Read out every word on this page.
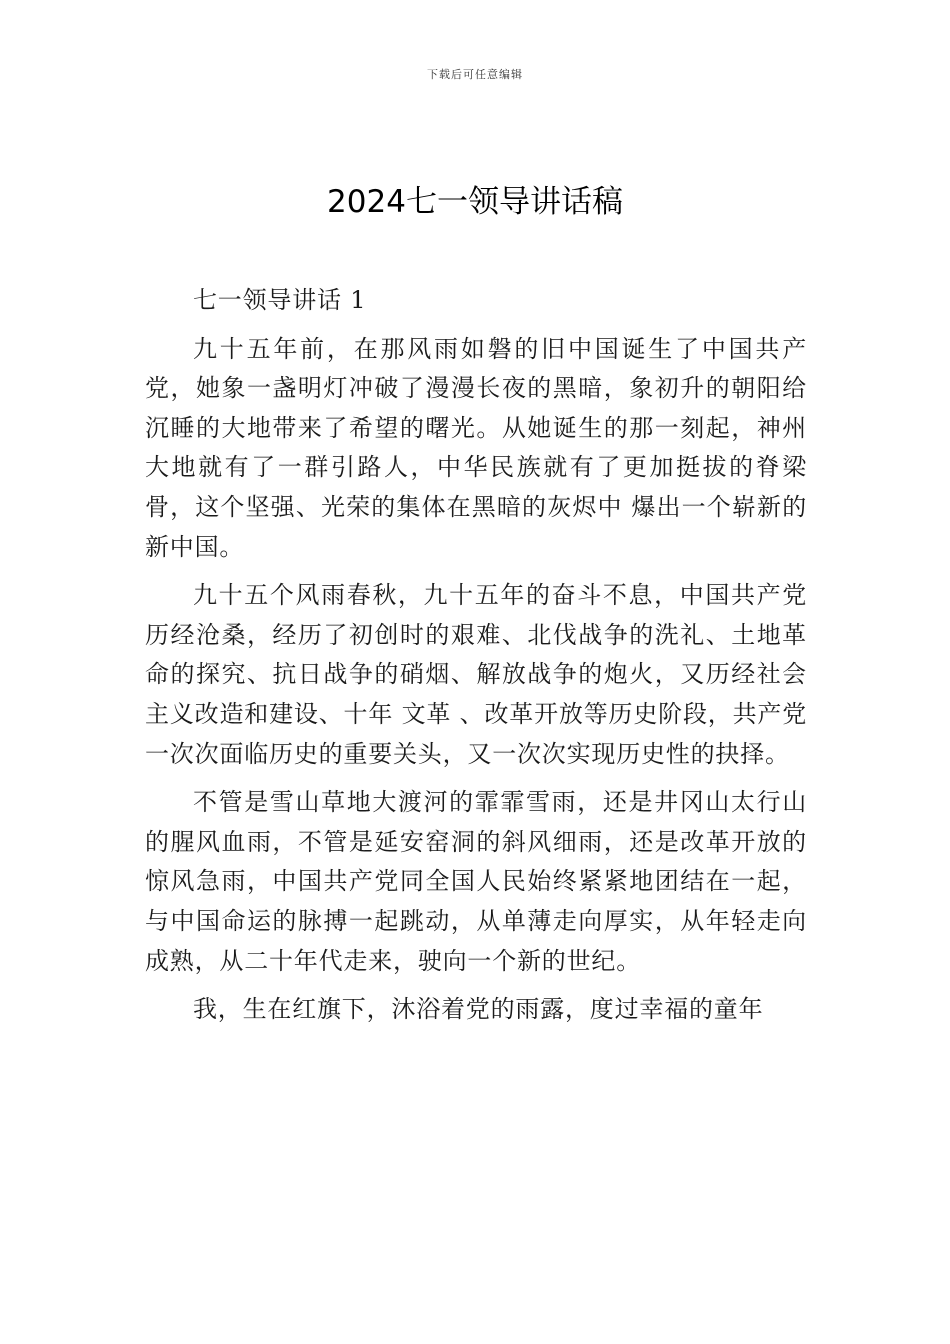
下载后可任意编辑
2024七一领导讲话稿

七一领导讲话 1

九十五年前，在那风雨如磐的旧中国诞生了中国共产党，她象一盏明灯冲破了漫漫长夜的黑暗，象初升的朝阳给沉睡的大地带来了希望的曙光。从她诞生的那一刻起，神州大地就有了一群引路人，中华民族就有了更加挺拔的脊梁骨，这个坚强、光荣的集体在黑暗的灰烬中 爆出一个崭新的新中国。

九十五个风雨春秋，九十五年的奋斗不息，中国共产党历经沧桑，经历了初创时的艰难、北伐战争的洗礼、土地革命的探究、抗日战争的硝烟、解放战争的炮火，又历经社会主义改造和建设、十年 文革 、改革开放等历史阶段，共产党一次次面临历史的重要关头，又一次次实现历史性的抉择。

不管是雪山草地大渡河的霏霏雪雨，还是井冈山太行山的腥风血雨，不管是延安窑洞的斜风细雨，还是改革开放的惊风急雨，中国共产党同全国人民始终紧紧地团结在一起，与中国命运的脉搏一起跳动，从单薄走向厚实，从年轻走向成熟，从二十年代走来，驶向一个新的世纪。

我，生在红旗下，沐浴着党的雨露，度过幸福的童年
